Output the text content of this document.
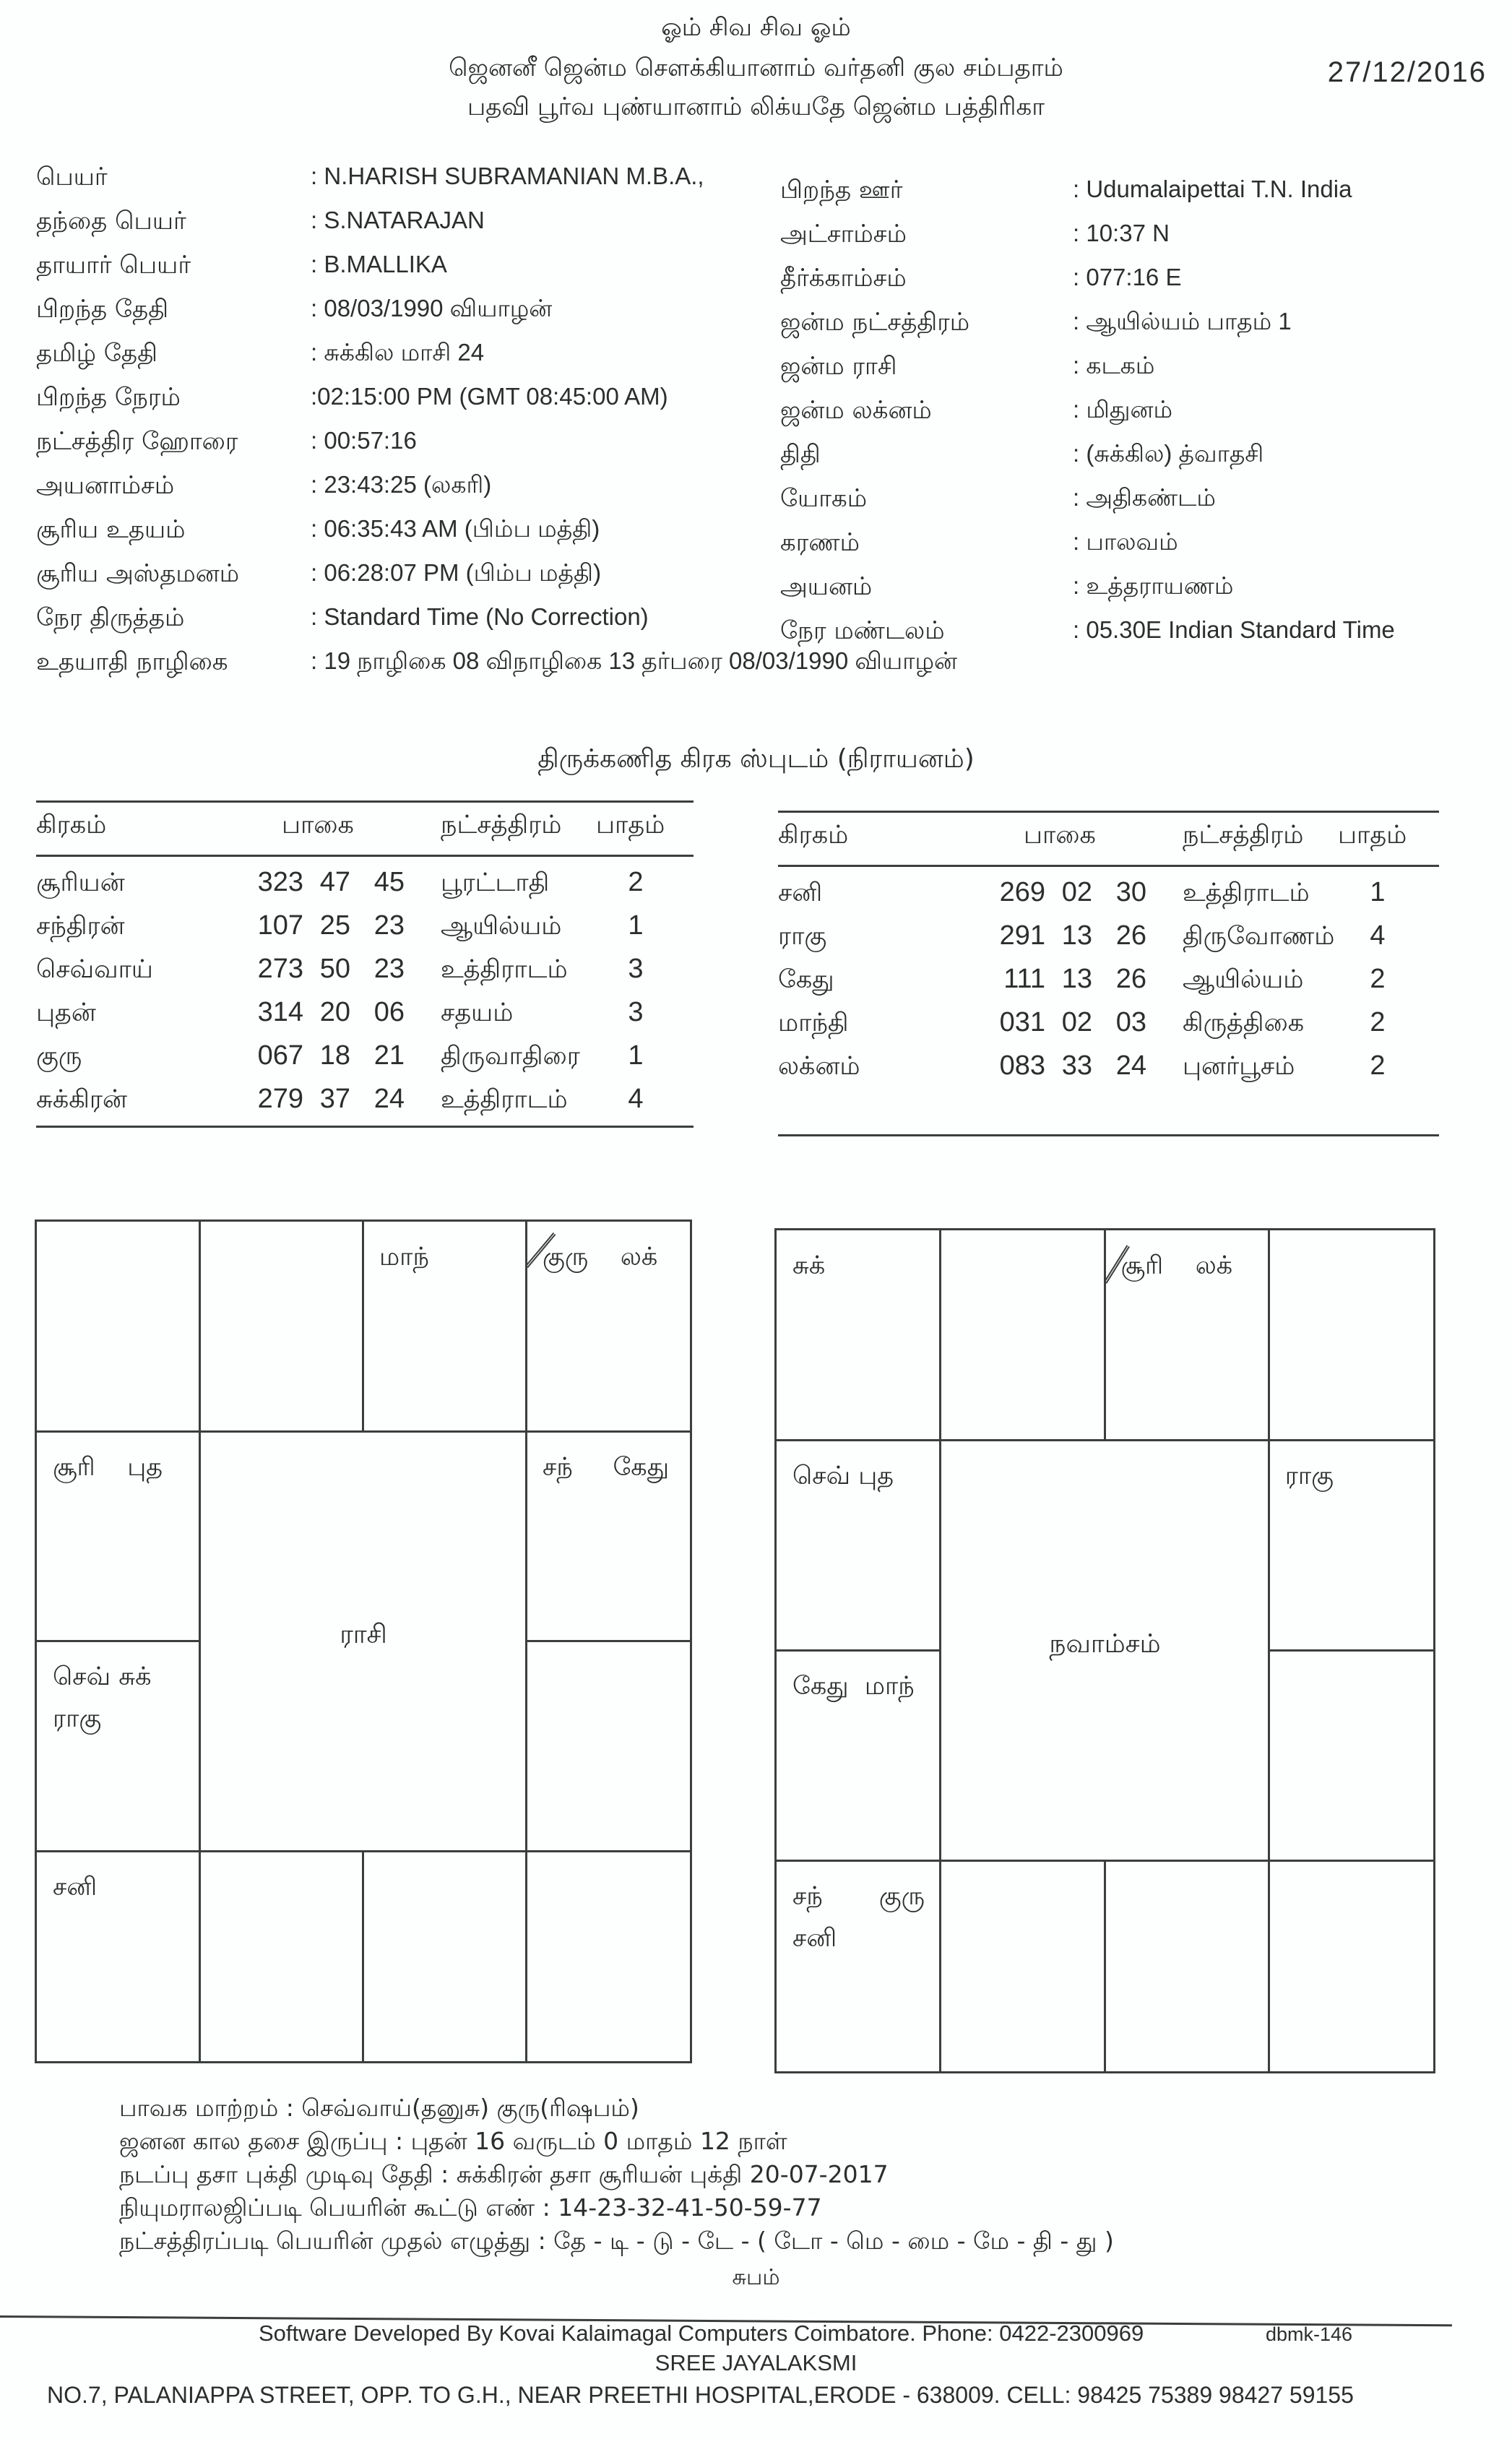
ஓம் சிவ சிவ ஓம்
ஜெனனீ ஜென்ம சௌக்கியானாம் வர்தனி குல சம்பதாம்
பதவி பூர்வ புண்யானாம் லிக்யதே ஜென்ம பத்திரிகா
27/12/2016
பெயர்	: N.HARISH SUBRAMANIAN M.B.A.,
தந்தை பெயர்	: S.NATARAJAN
தாயார் பெயர்	: B.MALLIKA
பிறந்த தேதி	: 08/03/1990 வியாழன்
தமிழ் தேதி	: சுக்கில மாசி 24
பிறந்த நேரம்	:02:15:00 PM (GMT 08:45:00 AM)
நட்சத்திர ஹோரை	: 00:57:16
அயனாம்சம்	: 23:43:25 (லகரி)
சூரிய உதயம்	: 06:35:43 AM (பிம்ப மத்தி)
சூரிய அஸ்தமனம்	: 06:28:07 PM (பிம்ப மத்தி)
நேர திருத்தம்	: Standard Time (No Correction)
உதயாதி நாழிகை	: 19 நாழிகை 08 விநாழிகை 13 தர்பரை 08/03/1990 வியாழன்
பிறந்த ஊர்	: Udumalaipettai T.N. India
அட்சாம்சம்	: 10:37 N
தீர்க்காம்சம்	: 077:16 E
ஜன்ம நட்சத்திரம்	: ஆயில்யம் பாதம் 1
ஜன்ம ராசி	: கடகம்
ஜன்ம லக்னம்	: மிதுனம்
திதி	: (சுக்கில) த்வாதசி
யோகம்	: அதிகண்டம்
கரணம்	: பாலவம்
அயனம்	: உத்தராயணம்
நேர மண்டலம்	: 05.30E Indian Standard Time
திருக்கணித கிரக ஸ்புடம் (நிராயனம்)
கிரகம்	பாகை	நட்சத்திரம் பாதம்
சூரியன்	323 47 45 பூரட்டாதி	2
சந்திரன்	107 25 23 ஆயில்யம் 1
செவ்வாய்	273 50 23 உத்திராடம் 3
புதன்	314 20 06 சதயம்	3
குரு	067 18 21 திருவாதிரை 1
சுக்கிரன்	279 37 24 உத்திராடம் 4
கிரகம்	பாகை	நட்சத்திரம் பாதம்
சனி	269 02 30 உத்திராடம் 1
ராகு	291 13 26 திருவோணம் 4
கேது	111 13 26 ஆயில்யம் 2
மாந்தி	031 02 03 கிருத்திகை 2
லக்னம்	083 33 24 புனர்பூசம்	2
மாந்	குரு    லக்
சூரி    புத	சந்     கேது
செவ் சுக்
ராகு
சனி
ராசி
சுக்	சூரி    லக்
செவ் புத	ராகு
கேது  மாந்
சந்       குரு
சனி
நவாம்சம்
பாவக மாற்றம் : செவ்வாய்(தனுசு) குரு(ரிஷபம்)
ஜனன கால தசை இருப்பு : புதன் 16 வருடம் 0 மாதம் 12 நாள்
நடப்பு தசா புக்தி முடிவு தேதி : சுக்கிரன் தசா சூரியன் புக்தி 20-07-2017
நியுமராலஜிப்படி பெயரின் கூட்டு எண் : 14-23-32-41-50-59-77
நட்சத்திரப்படி பெயரின் முதல் எழுத்து : தே - டி - டு - டே - ( டோ - மெ - மை - மே - தி - து )
சுபம்
Software Developed By Kovai Kalaimagal Computers Coimbatore. Phone: 0422-2300969	dbmk-146
SREE JAYALAKSMI
NO.7, PALANIAPPA STREET, OPP. TO G.H., NEAR PREETHI HOSPITAL,ERODE - 638009. CELL: 98425 75389 98427 59155
